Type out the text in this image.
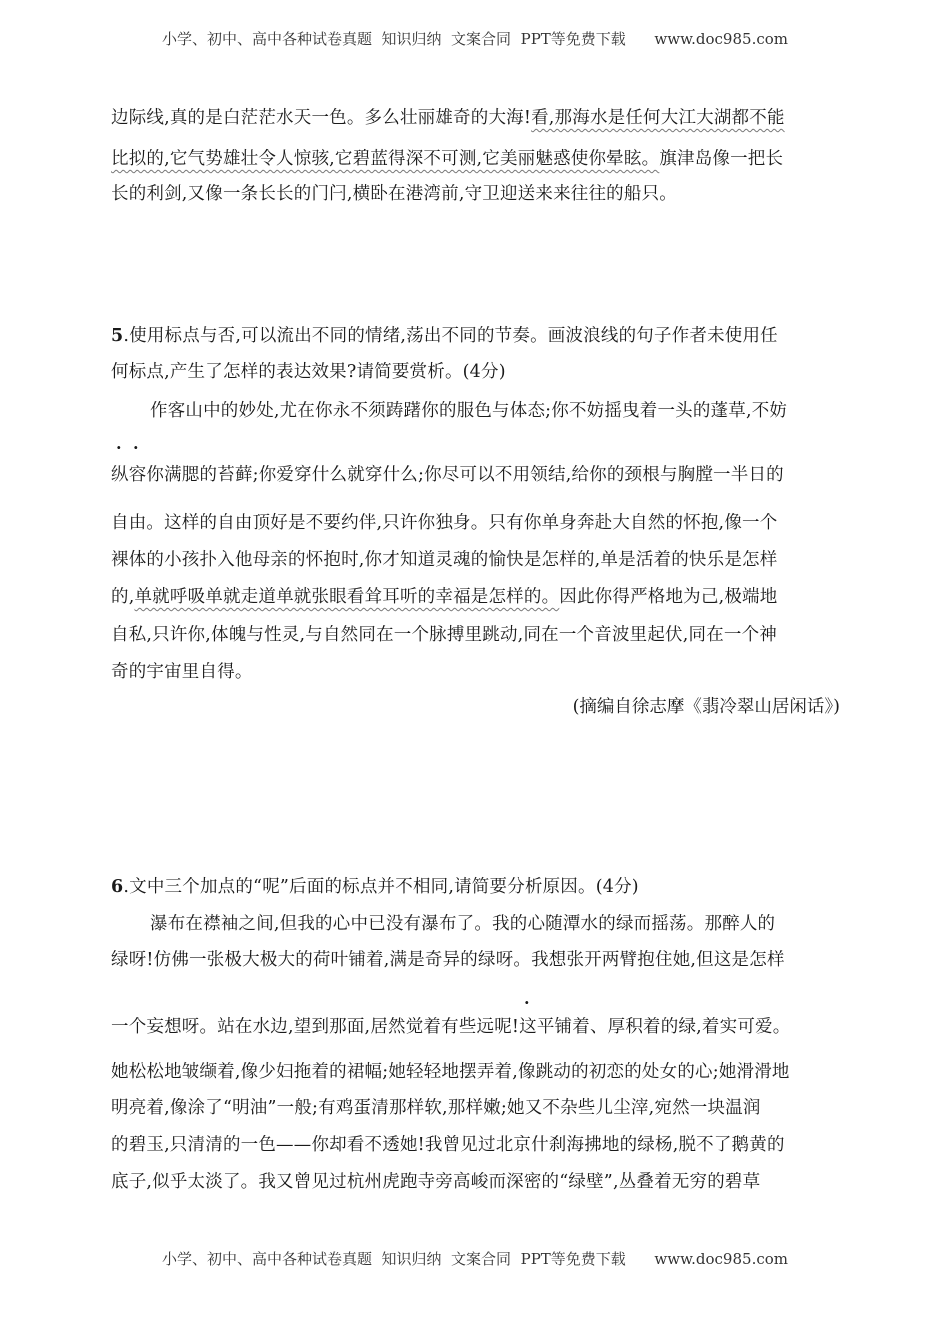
小学、初中、高中各种试卷真题  知识归纳  文案合同  PPT等免费下载      www.doc985.com
边际线,真的是白茫茫水天一色。多么壮丽雄奇的大海!看,那海水是任何大江大湖都不能
比拟的,它气势雄壮令人惊骇,它碧蓝得深不可测,它美丽魅惑使你晕眩。旗津岛像一把长
长的利剑,又像一条长长的门闩,横卧在港湾前,守卫迎送来来往往的船只。
5.使用标点与否,可以流出不同的情绪,荡出不同的节奏。画波浪线的句子作者未使用任
何标点,产生了怎样的表达效果?请简要赏析。(4分)
作客山中的妙处,尤在你永不须踌躇你的服色与体态;你不妨摇曳着一头的蓬草,不妨
· ·
纵容你满腮的苔藓;你爱穿什么就穿什么;你尽可以不用领结,给你的颈根与胸膛一半日的
自由。这样的自由顶好是不要约伴,只许你独身。只有你单身奔赴大自然的怀抱,像一个
裸体的小孩扑入他母亲的怀抱时,你才知道灵魂的愉快是怎样的,单是活着的快乐是怎样
的,单就呼吸单就走道单就张眼看耸耳听的幸福是怎样的。因此你得严格地为己,极端地
自私,只许你,体魄与性灵,与自然同在一个脉搏里跳动,同在一个音波里起伏,同在一个神
奇的宇宙里自得。
(摘编自徐志摩《翡冷翠山居闲话》)
6.文中三个加点的“呢”后面的标点并不相同,请简要分析原因。(4分)
瀑布在襟袖之间,但我的心中已没有瀑布了。我的心随潭水的绿而摇荡。那醉人的
绿呀!仿佛一张极大极大的荷叶铺着,满是奇异的绿呀。我想张开两臂抱住她,但这是怎样
·
一个妄想呀。站在水边,望到那面,居然觉着有些远呢!这平铺着、厚积着的绿,着实可爱。
她松松地皱缬着,像少妇拖着的裙幅;她轻轻地摆弄着,像跳动的初恋的处女的心;她滑滑地
明亮着,像涂了“明油”一般;有鸡蛋清那样软,那样嫩;她又不杂些儿尘滓,宛然一块温润
的碧玉,只清清的一色——你却看不透她!我曾见过北京什刹海拂地的绿杨,脱不了鹅黄的
底子,似乎太淡了。我又曾见过杭州虎跑寺旁高峻而深密的“绿壁”,丛叠着无穷的碧草
小学、初中、高中各种试卷真题  知识归纳  文案合同  PPT等免费下载      www.doc985.com
